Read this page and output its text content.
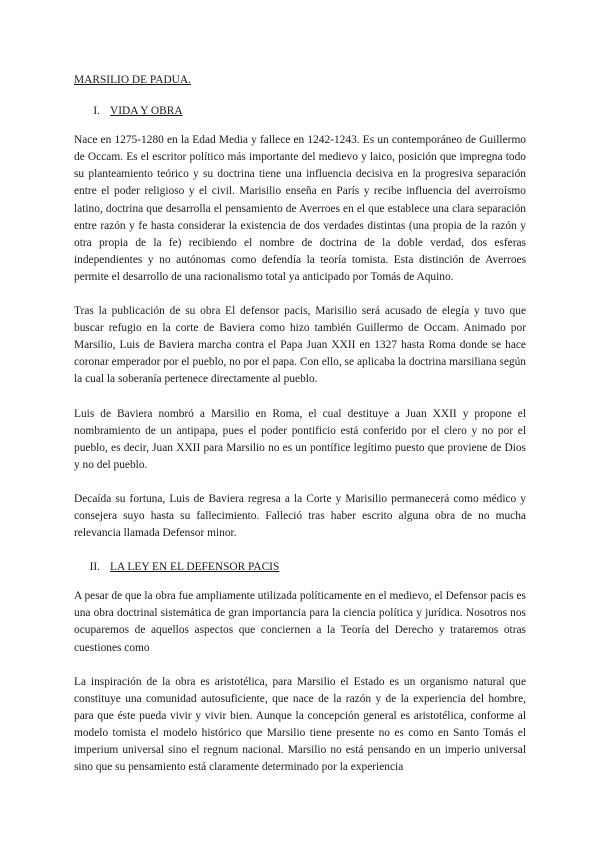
MARSILIO DE PADUA.
I. VIDA Y OBRA

Nace en 1275-1280 en la Edad Media y fallece en 1242-1243. Es un contemporáneo de Guillermo de Occam. Es el escritor político más importante del medievo y laico, posición que impregna todo su planteamiento teórico y su doctrina tiene una influencia decisiva en la progresiva separación entre el poder religioso y el civil. Marisilio enseña en París y recibe influencia del averroísmo latino, doctrina que desarrolla el pensamiento de Averroes en el que establece una clara separación entre razón y fe hasta considerar la existencia de dos verdades distintas (una propia de la razón y otra propia de la fe) recibiendo el nombre de doctrina de la doble verdad, dos esferas independientes y no autónomas como defendía la teoría tomista. Esta distinción de Averroes permite el desarrollo de una racionalismo total ya anticipado por Tomás de Aquino.

Tras la publicación de su obra El defensor pacis, Marisilio será acusado de elegía y tuvo que buscar refugio en la corte de Baviera como hizo también Guillermo de Occam. Animado por Marsilio, Luis de Baviera marcha contra el Papa Juan XXII en 1327 hasta Roma donde se hace coronar emperador por el pueblo, no por el papa. Con ello, se aplicaba la doctrina marsiliana según la cual la soberanía pertenece directamente al pueblo.

Luis de Baviera nombró a Marsilio en Roma, el cual destituye a Juan XXII y propone el nombramiento de un antipapa, pues el poder pontificio está conferido por el clero y no por el pueblo, es decir, Juan XXII para Marsilio no es un pontífice legítimo puesto que proviene de Dios y no del pueblo.

Decaída su fortuna, Luis de Baviera regresa a la Corte y Marisilio permanecerá como médico y consejera suyo hasta su fallecimiento. Falleció tras haber escrito alguna obra de no mucha relevancia llamada Defensor minor.

II. LA LEY EN EL DEFENSOR PACIS

A pesar de que la obra fue ampliamente utilizada políticamente en el medievo, el Defensor pacis es una obra doctrinal sistemática de gran importancia para la ciencia política y jurídica. Nosotros nos ocuparemos de aquellos aspectos que conciernen a la Teoría del Derecho y trataremos otras cuestiones como

La inspiración de la obra es aristotélica, para Marsilio el Estado es un organismo natural que constituye una comunidad autosuficiente, que nace de la razón y de la experiencia del hombre, para que éste pueda vivir y vivir bien. Aunque la concepción general es aristotélica, conforme al modelo tomista el modelo histórico que Marsilio tiene presente no es como en Santo Tomás el imperium universal sino el regnum nacional. Marsilio no está pensando en un imperio universal sino que su pensamiento está claramente determinado por la experiencia
